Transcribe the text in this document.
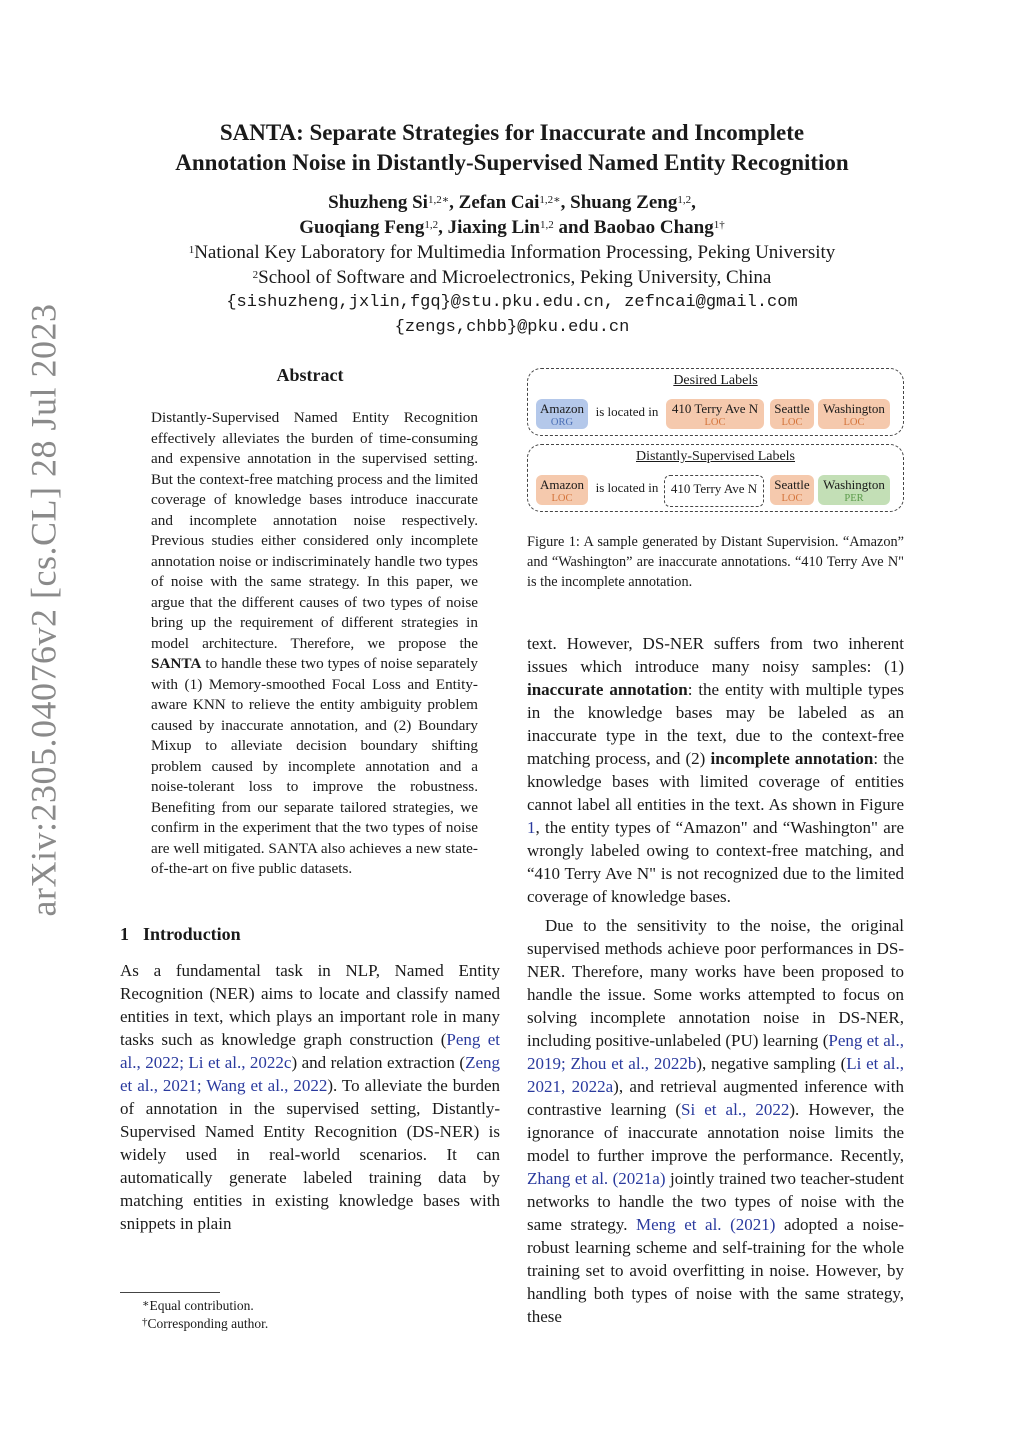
arXiv:2305.04076v2 [cs.CL] 28 Jul 2023
SANTA: Separate Strategies for Inaccurate and Incomplete
Annotation Noise in Distantly-Supervised Named Entity Recognition
Shuzheng $Si^{1,2∗}$, Zefan Cai$^{1,2∗}$, Shuang Zeng$^{1,2}$,
Guoqiang Feng$^{1,2}$, Jiaxing Lin$^{1,2}$ and Baobao Chang$^{1\dagger}$
$^1$National Key Laboratory for Multimedia Information Processing, Peking University
$^2$School of Software and Microelectronics, Peking University, China
{sishuzheng,jxlin,fgq}@stu.pku.edu.cn, zefncai@gmail.com
{zengs,chbb}@pku.edu.cn
Abstract

Distantly-Supervised Named Entity Recognition effectively alleviates the burden of time-consuming and expensive annotation in the supervised setting. But the context-free matching process and the limited coverage of knowledge bases introduce inaccurate and incomplete annotation noise respectively. Previous studies either considered only incomplete annotation noise or indiscriminately handle two types of noise with the same strategy. In this paper, we argue that the different causes of two types of noise bring up the requirement of different strategies in model architecture. Therefore, we propose the SANTA to handle these two types of noise separately with (1) Memory-smoothed Focal Loss and Entity-aware KNN to relieve the entity ambiguity problem caused by inaccurate annotation, and (2) Boundary Mixup to alleviate decision boundary shifting problem caused by incomplete annotation and a noise-tolerant loss to improve the robustness. Benefiting from our separate tailored strategies, we confirm in the experiment that the two types of noise are well mitigated. SANTA also achieves a new state-of-the-art on five public datasets.

1 Introduction

As a fundamental task in NLP, Named Entity Recognition (NER) aims to locate and classify named entities in text, which plays an important role in many tasks such as knowledge graph construction (Peng et al., 2022; Li et al., 2022c) and relation extraction (Zeng et al., 2021; Wang et al., 2022). To alleviate the burden of annotation in the supervised setting, Distantly-Supervised Named Entity Recognition (DS-NER) is widely used in real-world scenarios. It can automatically generate labeled training data by matching entities in existing knowledge bases with snippets in plain

∗Equal contribution.
†Corresponding author.
Desired Labels
Amazon
ORG
is located in	410 Terry Ave N
LOC
Seattle
LOC
Washington
LOC
Distantly-Supervised Labels
Amazon
LOC
is located in 410 Terry Ave N	Seattle
LOC
Washington
PER

Figure 1: A sample generated by Distant Supervision. “Amazon” and “Washington” are inaccurate annotations. “410 Terry Ave N" is the incomplete annotation.

text. However, DS-NER suffers from two inherent issues which introduce many noisy samples: (1) inaccurate annotation: the entity with multiple types in the knowledge bases may be labeled as an inaccurate type in the text, due to the context-free matching process, and (2) incomplete annotation: the knowledge bases with limited coverage of entities cannot label all entities in the text. As shown in Figure 1, the entity types of “Amazon" and “Washington" are wrongly labeled owing to context-free matching, and “410 Terry Ave N" is not recognized due to the limited coverage of knowledge bases.

Due to the sensitivity to the noise, the original supervised methods achieve poor performances in DS-NER. Therefore, many works have been proposed to handle the issue. Some works attempted to focus on solving incomplete annotation noise in DS-NER, including positive-unlabeled (PU) learning (Peng et al., 2019; Zhou et al., 2022b), negative sampling (Li et al., 2021, 2022a), and retrieval augmented inference with contrastive learning (Si et al., 2022). However, the ignorance of inaccurate annotation noise limits the model to further improve the performance. Recently, Zhang et al. (2021a) jointly trained two teacher-student networks to handle the two types of noise with the same strategy. Meng et al. (2021) adopted a noise-robust learning scheme and self-training for the whole training set to avoid overfitting in noise. However, by handling both types of noise with the same strategy, these
